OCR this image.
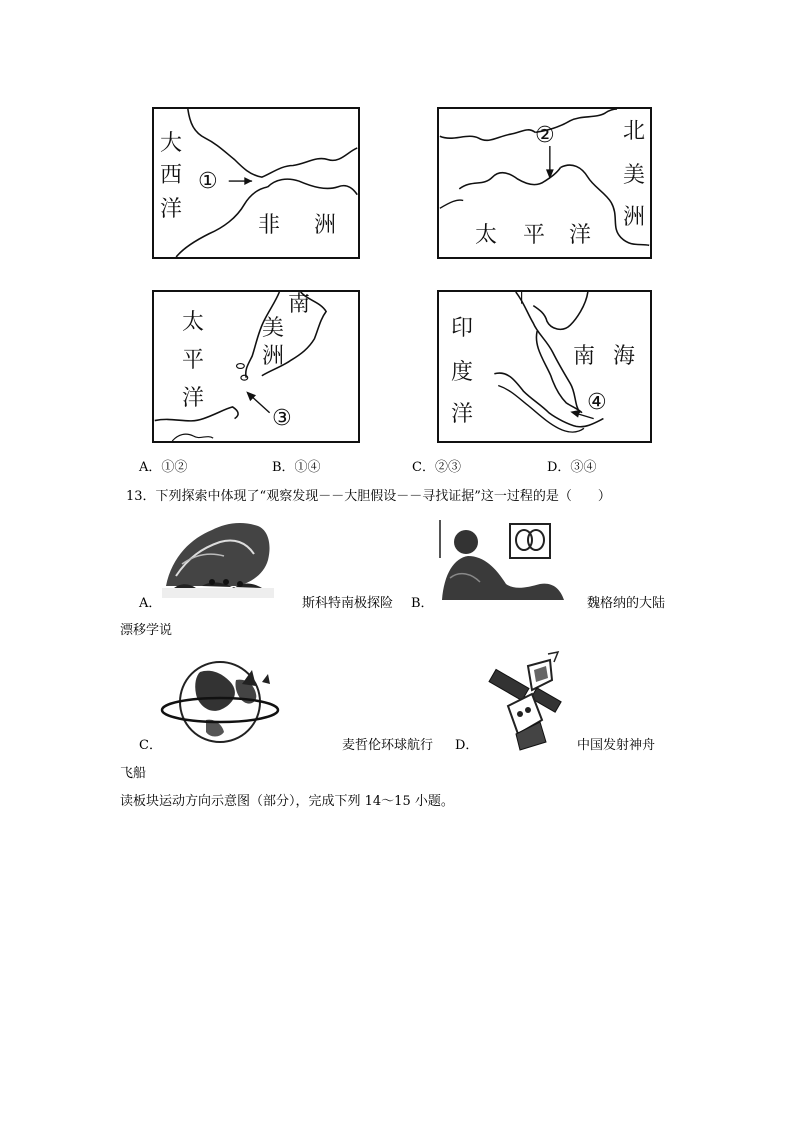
大
西
洋
①
非 洲
②	北
美
洲
太 平 洋
太
平
洋
南
美
洲
③
印
度
洋
南 海
④
A．①②	B．①④	C．②③	D．③④
13．下列探索中体现了“观察发现－－大胆假设－－寻找证据”这一过程的是（　　）
A．	斯科特南极探险 B．	魏格纳的大陆
漂移学说
C．	麦哲伦环球航行 D．	中国发射神舟
飞船
读板块运动方向示意图（部分），完成下列 14～15 小题。
